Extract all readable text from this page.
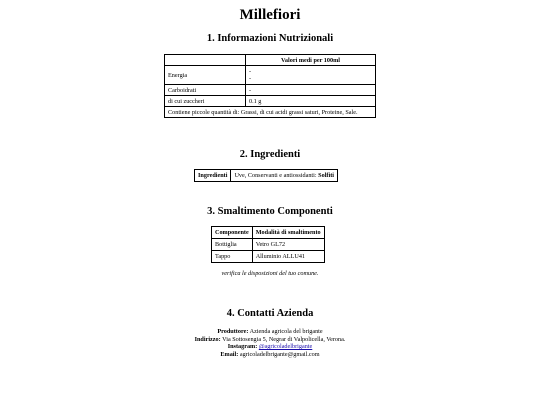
Millefiori
1. Informazioni Nutrizionali
	Valori medi per 100ml
Energia	-
-

Carboidrati	-
di cui zuccheri	0.1 g
Contiene piccole quantità di: Grassi, di cui acidi grassi saturi, Proteine, Sale.	
2. Ingredienti
Ingredienti	Uve, Conservanti e antiossidanti: Solfiti
3. Smaltimento Componenti
Componente	Modalità di smaltimento
Bottiglia	Vetro GL72
Tappo	Alluminio ALLU41
verifica le disposizioni del tuo comune.
4. Contatti Azienda
Produttore: Azienda agricola del brigante
Indirizzo: Via Sottosengia 5, Negrar di Valpolicella, Verona.
Instagram: @agricoladelbrigante
Email: agricoladelbrigante@gmail.com
